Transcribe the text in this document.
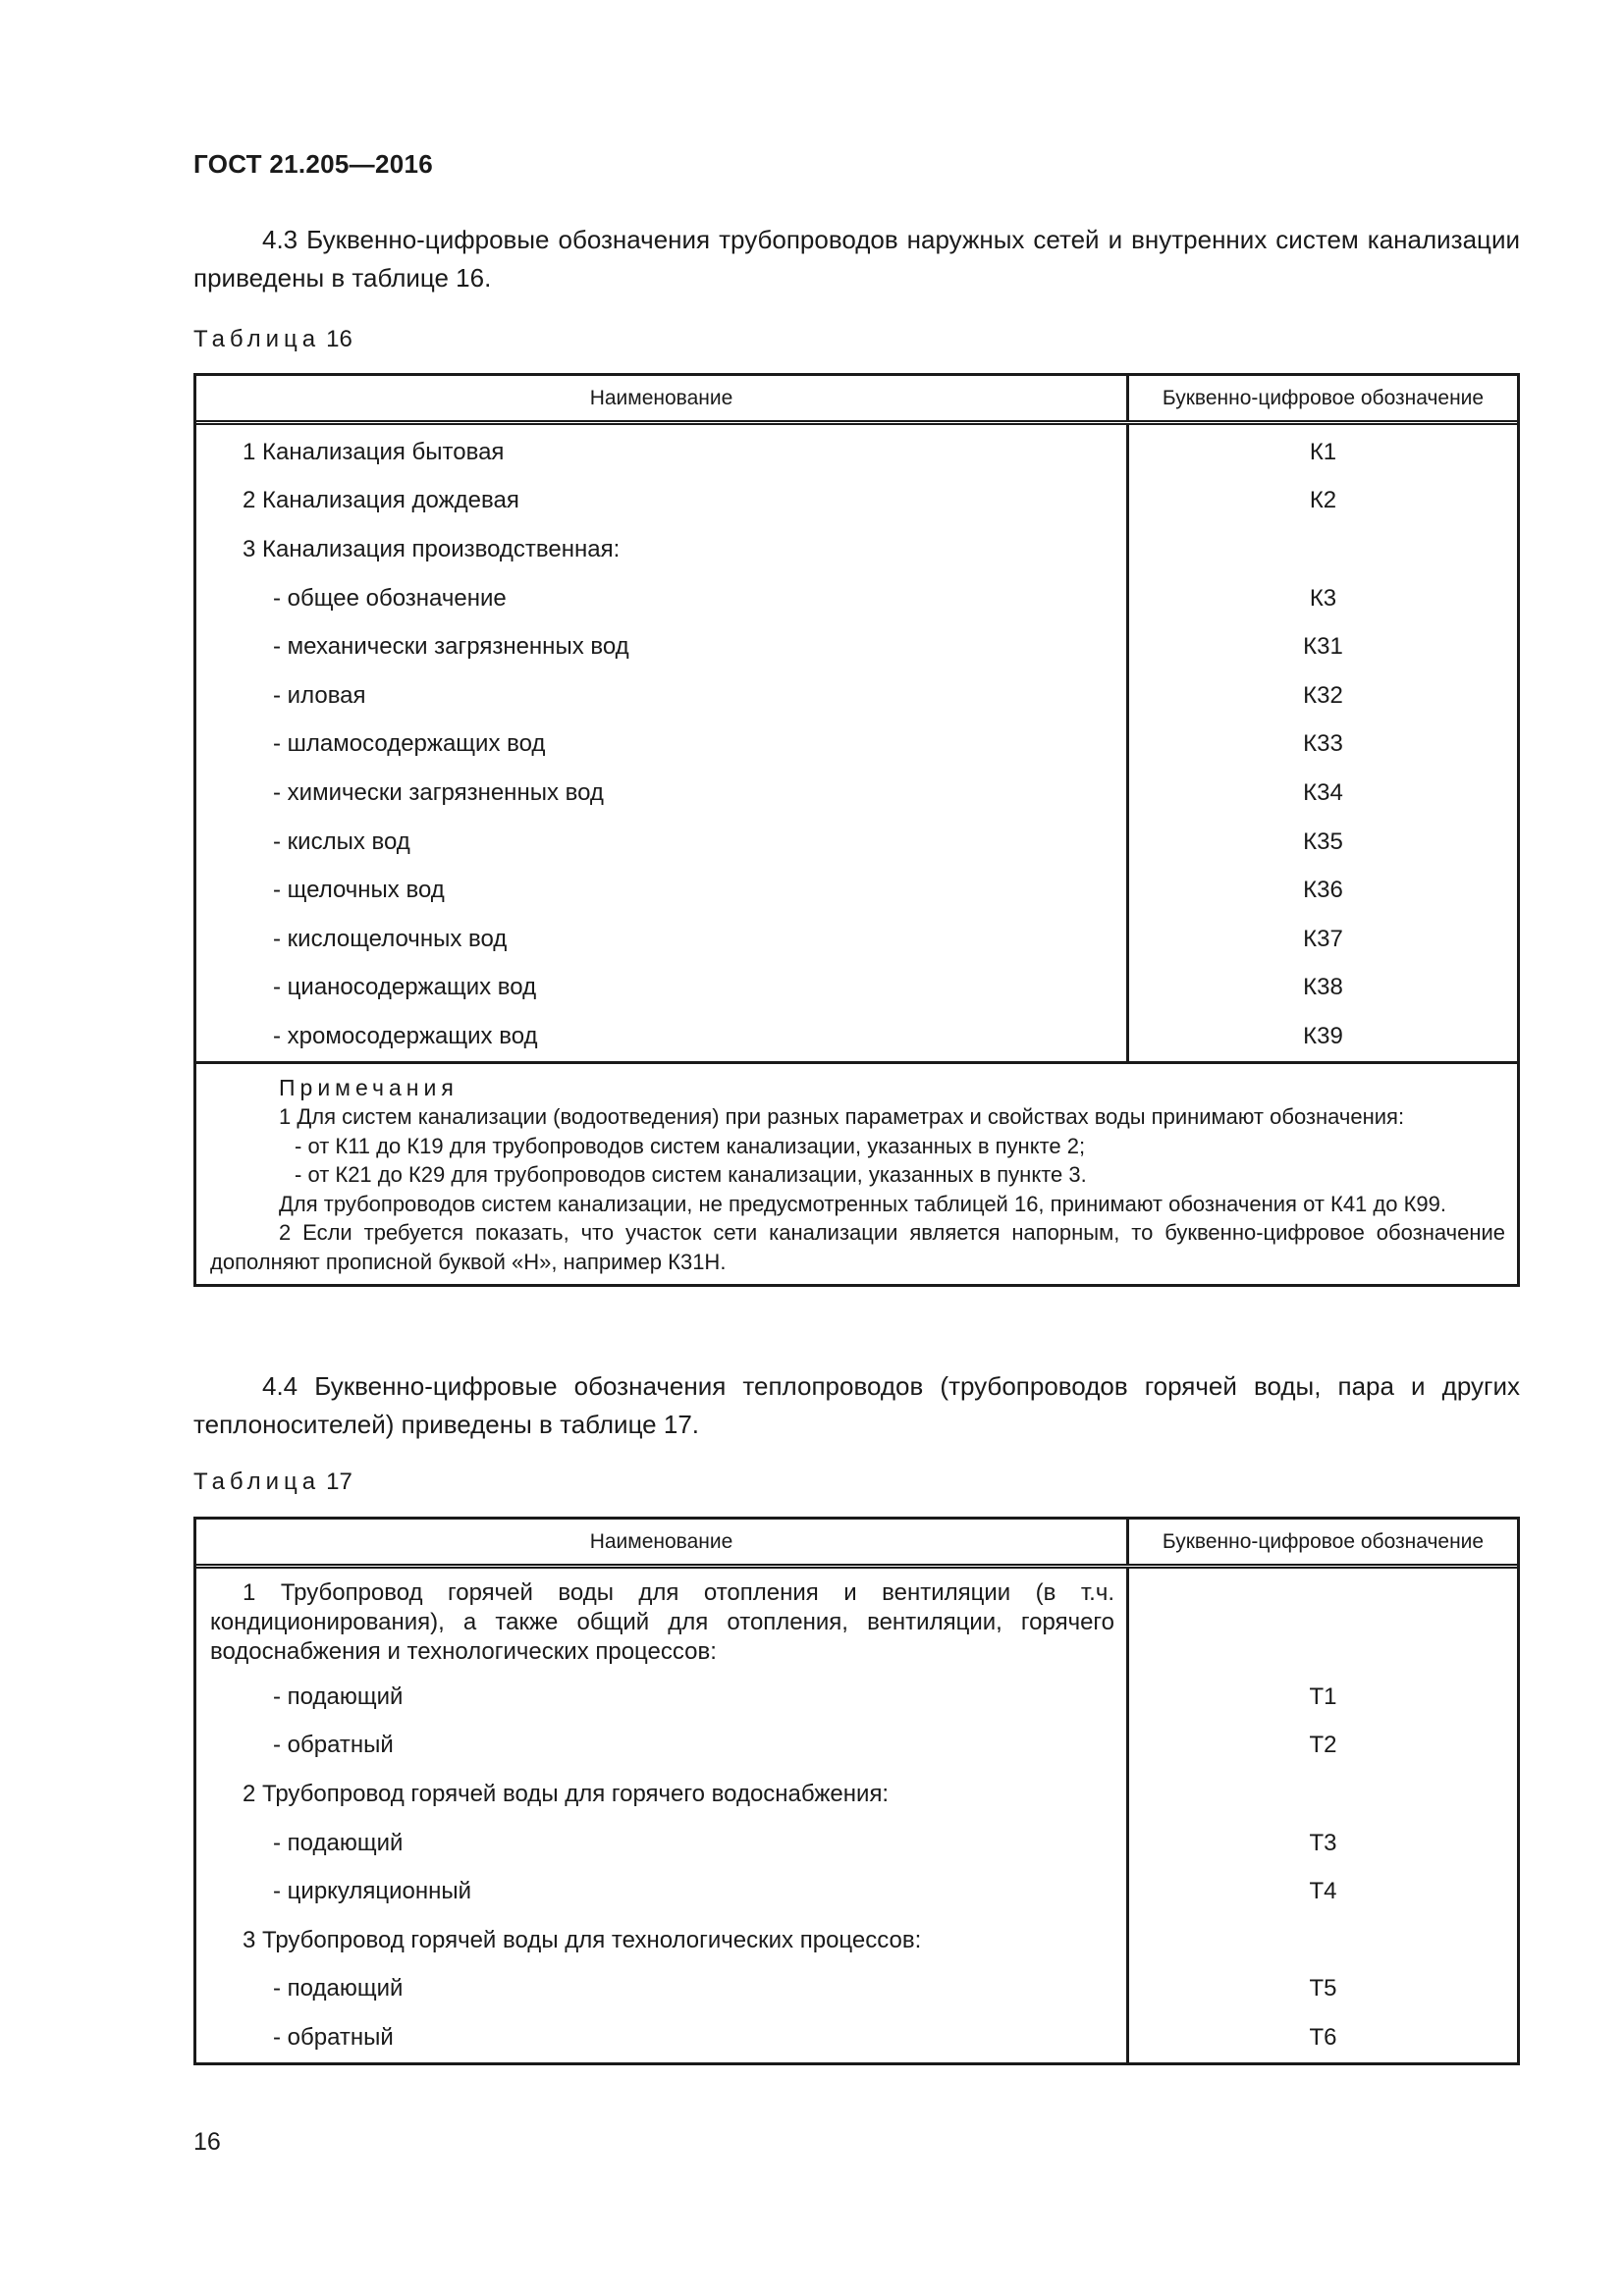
ГОСТ 21.205—2016
4.3 Буквенно-цифровые обозначения трубопроводов наружных сетей и внутренних систем канализации приведены в таблице 16.
Таблица 16
Наименование	Буквенно-цифровое обозначение
1 Канализация бытовая
2 Канализация дождевая
3 Канализация производственная:
- общее обозначение
- механически загрязненных вод
- иловая
- шламосодержащих вод
- химически загрязненных вод
- кислых вод
- щелочных вод
- кислощелочных вод
- цианосодержащих вод
- хромосодержащих вод
К1
К2
К3
К31
К32
К33
К34
К35
К36
К37
К38
К39
Примечания
1 Для систем канализации (водоотведения) при разных параметрах и свойствах воды принимают обозначения:
- от К11 до К19 для трубопроводов систем канализации, указанных в пункте 2;
- от К21 до К29 для трубопроводов систем канализации, указанных в пункте 3.
Для трубопроводов систем канализации, не предусмотренных таблицей 16, принимают обозначения от К41 до К99.
2 Если требуется показать, что участок сети канализации является напорным, то буквенно-цифровое обозначение дополняют прописной буквой «Н», например К31Н.
4.4 Буквенно-цифровые обозначения теплопроводов (трубопроводов горячей воды, пара и других теплоносителей) приведены в таблице 17.
Таблица 17
Наименование	Буквенно-цифровое обозначение
1 Трубопровод горячей воды для отопления и вентиляции (в т.ч. кондиционирования), а также общий для отопления, вентиляции, горячего водоснабжения и технологических процессов:
- подающий
- обратный
2 Трубопровод горячей воды для горячего водоснабжения:
- подающий
- циркуляционный
3 Трубопровод горячей воды для технологических процессов:
- подающий
- обратный
Т1
Т2
Т3
Т4
Т5
Т6
16
